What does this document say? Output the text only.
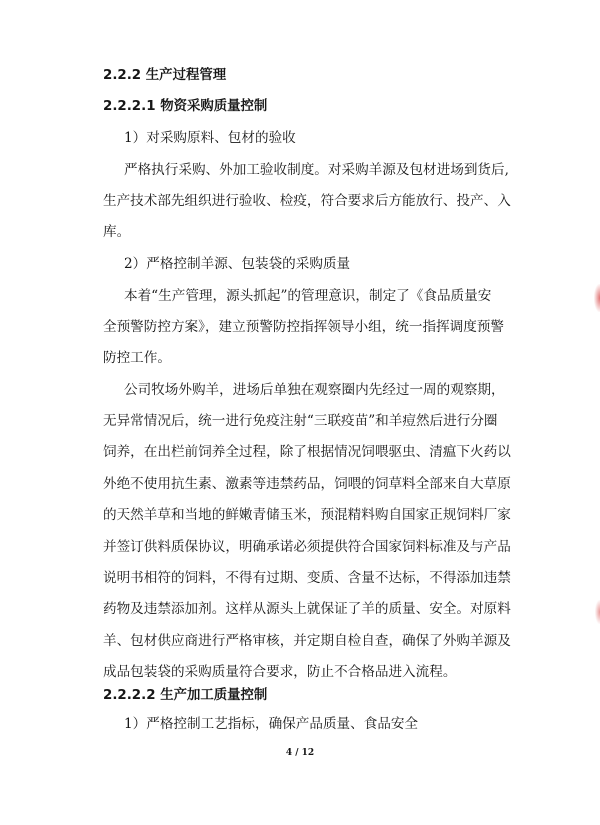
2.2.2 生产过程管理
2.2.2.1 物资采购质量控制
1）对采购原料、包材的验收
严格执行采购、外加工验收制度。对采购羊源及包材进场到货后,
生产技术部先组织进行验收、检疫，符合要求后方能放行、投产、入
库。
2）严格控制羊源、包装袋的采购质量
本着“生产管理，源头抓起”的管理意识，制定了《食品质量安
全预警防控方案》，建立预警防控指挥领导小组，统一指挥调度预警
防控工作。
公司牧场外购羊，进场后单独在观察圈内先经过一周的观察期，
无异常情况后，统一进行免疫注射“三联疫苗”和羊痘然后进行分圈
饲养，在出栏前饲养全过程，除了根据情况饲喂驱虫、清瘟下火药以
外绝不使用抗生素、激素等违禁药品，饲喂的饲草料全部来自大草原
的天然羊草和当地的鲜嫩青储玉米，预混精料购自国家正规饲料厂家
并签订供料质保协议，明确承诺必须提供符合国家饲料标准及与产品
说明书相符的饲料，不得有过期、变质、含量不达标，不得添加违禁
药物及违禁添加剂。这样从源头上就保证了羊的质量、安全。对原料
羊、包材供应商进行严格审核，并定期自检自查，确保了外购羊源及
成品包装袋的采购质量符合要求，防止不合格品进入流程。
2.2.2.2 生产加工质量控制
1）严格控制工艺指标，确保产品质量、食品安全
4 / 12
